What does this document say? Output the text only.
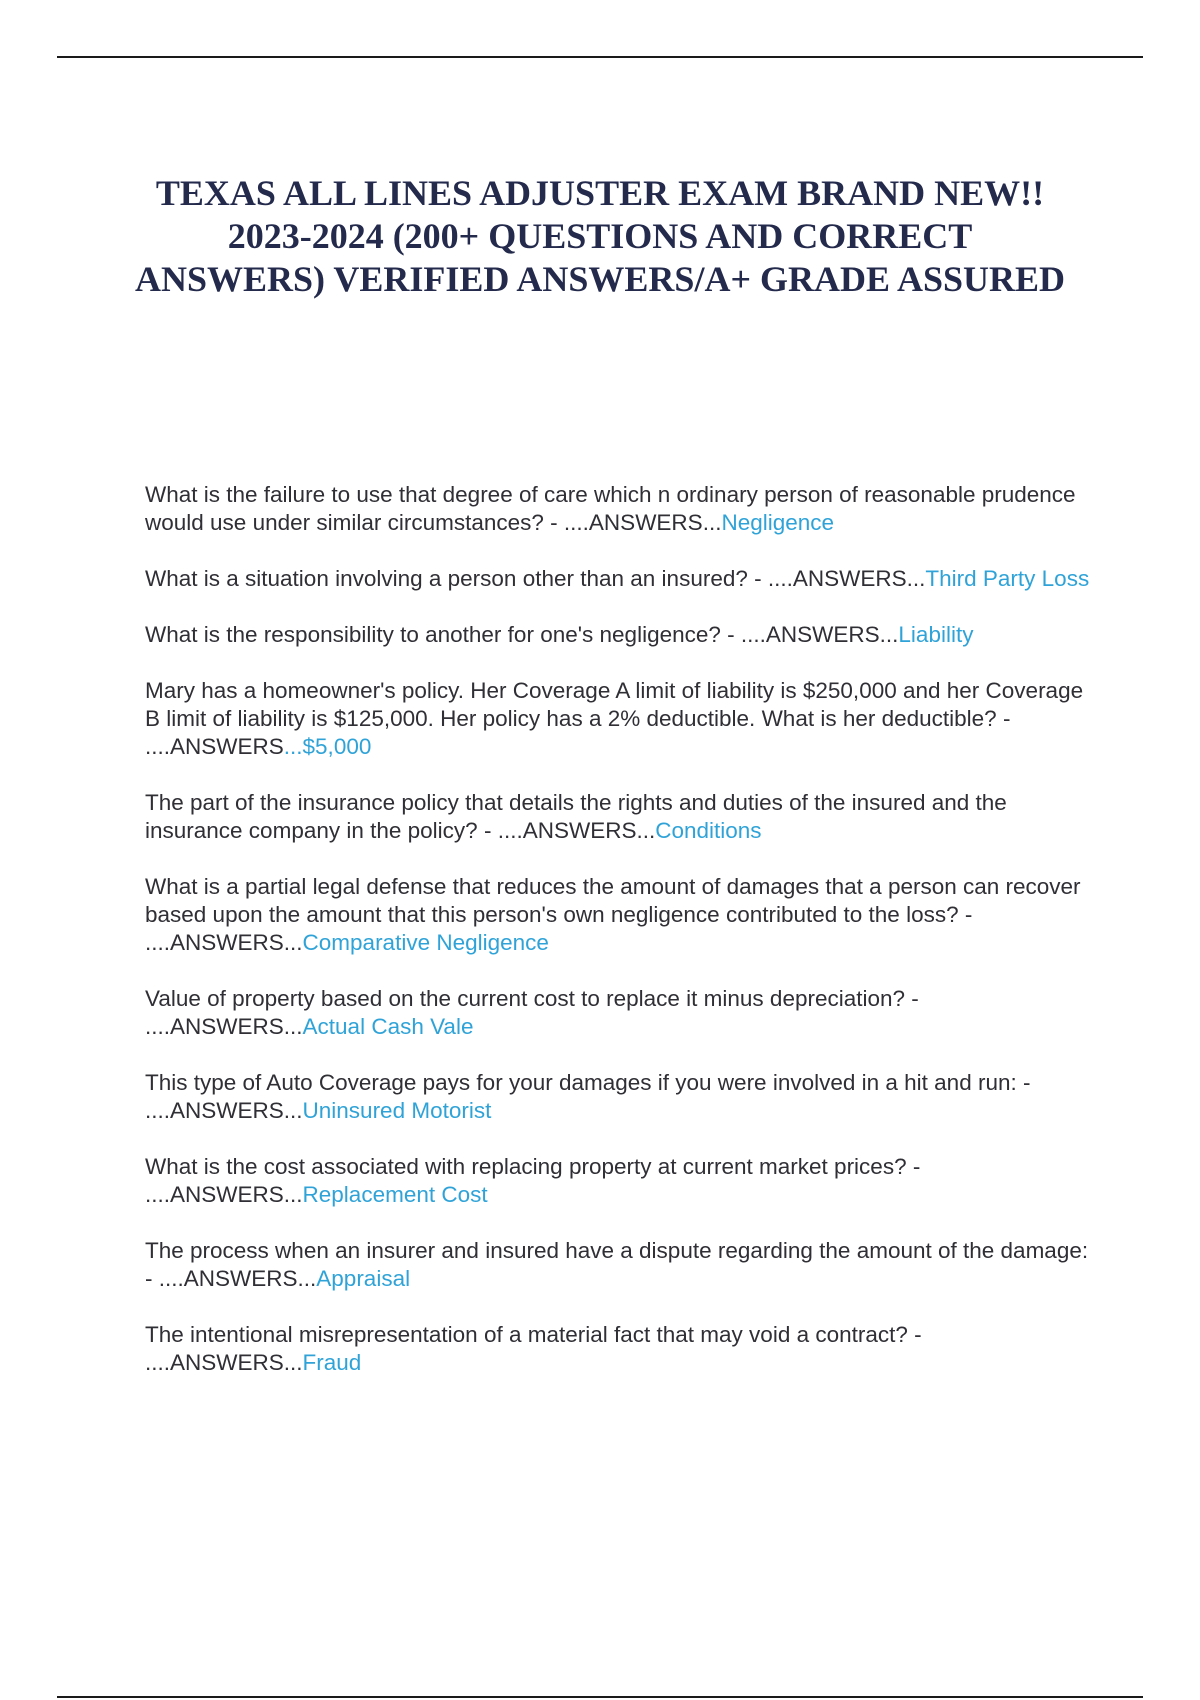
TEXAS ALL LINES ADJUSTER EXAM BRAND NEW!! 2023-2024 (200+ QUESTIONS AND CORRECT ANSWERS) VERIFIED ANSWERS/A+ GRADE ASSURED
What is the failure to use that degree of care which n ordinary person of reasonable prudence would use under similar circumstances? - ....ANSWERS...Negligence
What is a situation involving a person other than an insured? - ....ANSWERS...Third Party Loss
What is the responsibility to another for one's negligence? - ....ANSWERS...Liability
Mary has a homeowner's policy. Her Coverage A limit of liability is $250,000 and her Coverage B limit of liability is $125,000. Her policy has a 2% deductible. What is her deductible? - ....ANSWERS...$5,000
The part of the insurance policy that details the rights and duties of the insured and the insurance company in the policy? - ....ANSWERS...Conditions
What is a partial legal defense that reduces the amount of damages that a person can recover based upon the amount that this person's own negligence contributed to the loss? - ....ANSWERS...Comparative Negligence
Value of property based on the current cost to replace it minus depreciation? - ....ANSWERS...Actual Cash Vale
This type of Auto Coverage pays for your damages if you were involved in a hit and run: - ....ANSWERS...Uninsured Motorist
What is the cost associated with replacing property at current market prices? - ....ANSWERS...Replacement Cost
The process when an insurer and insured have a dispute regarding the amount of the damage: - ....ANSWERS...Appraisal
The intentional misrepresentation of a material fact that may void a contract? - ....ANSWERS...Fraud
